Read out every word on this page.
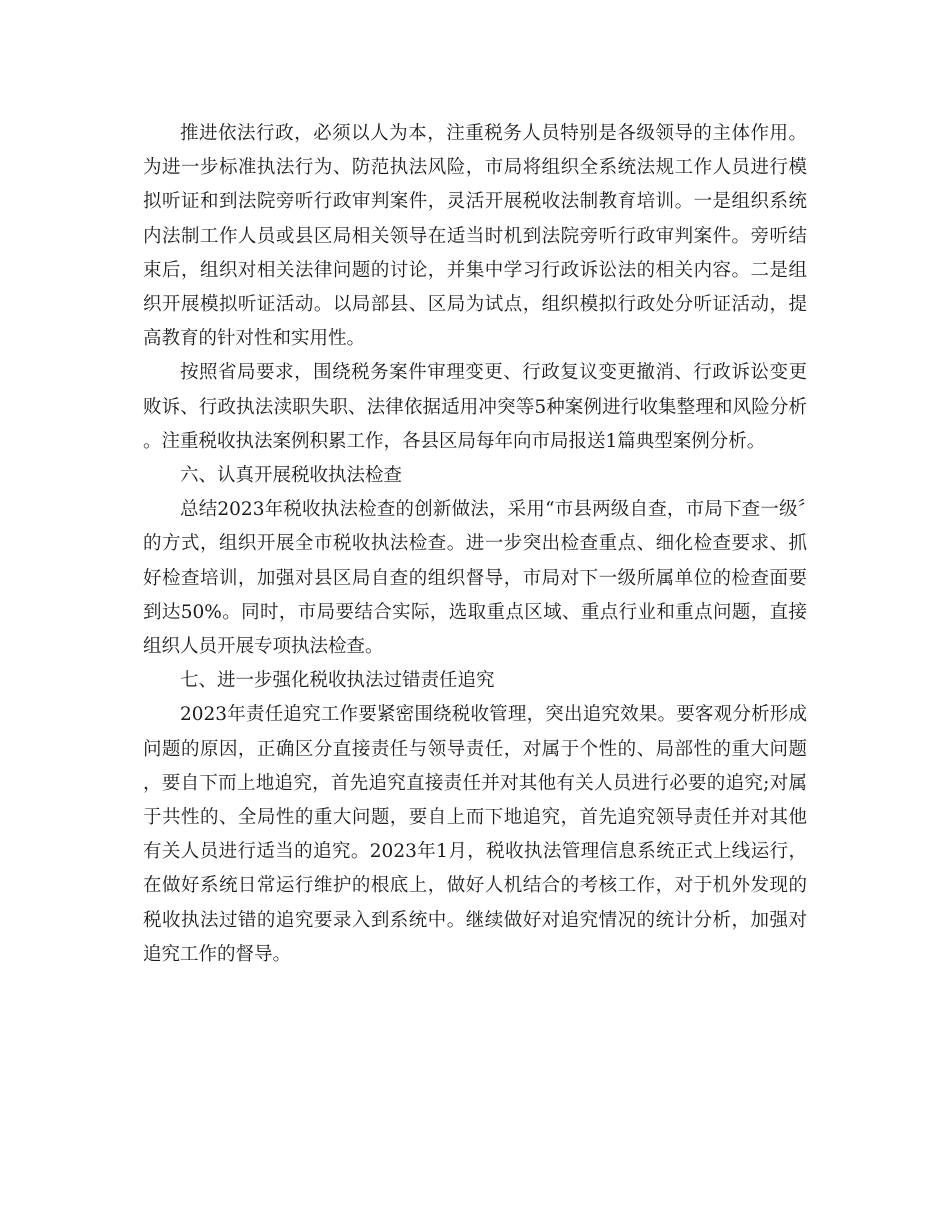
推进依法行政，必须以人为本，注重税务人员特别是各级领导的主体作用。为进一步标准执法行为、防范执法风险，市局将组织全系统法规工作人员进行模拟听证和到法院旁听行政审判案件，灵活开展税收法制教育培训。一是组织系统内法制工作人员或县区局相关领导在适当时机到法院旁听行政审判案件。旁听结束后，组织对相关法律问题的讨论，并集中学习行政诉讼法的相关内容。二是组织开展模拟听证活动。以局部县、区局为试点，组织模拟行政处分听证活动，提高教育的针对性和实用性。

按照省局要求，围绕税务案件审理变更、行政复议变更撤消、行政诉讼变更败诉、行政执法渎职失职、法律依据适用冲突等5种案例进行收集整理和风险分析。注重税收执法案例积累工作，各县区局每年向市局报送1篇典型案例分析。

六、认真开展税收执法检查

总结2023年税收执法检查的创新做法，采用“市县两级自查，市局下查一级〞的方式，组织开展全市税收执法检查。进一步突出检查重点、细化检查要求、抓好检查培训，加强对县区局自查的组织督导，市局对下一级所属单位的检查面要到达50%。同时，市局要结合实际，选取重点区域、重点行业和重点问题，直接组织人员开展专项执法检查。

七、进一步强化税收执法过错责任追究

2023年责任追究工作要紧密围绕税收管理，突出追究效果。要客观分析形成问题的原因，正确区分直接责任与领导责任，对属于个性的、局部性的重大问题，要自下而上地追究，首先追究直接责任并对其他有关人员进行必要的追究;对属于共性的、全局性的重大问题，要自上而下地追究，首先追究领导责任并对其他有关人员进行适当的追究。2023年1月，税收执法管理信息系统正式上线运行，在做好系统日常运行维护的根底上，做好人机结合的考核工作，对于机外发现的税收执法过错的追究要录入到系统中。继续做好对追究情况的统计分析，加强对追究工作的督导。
